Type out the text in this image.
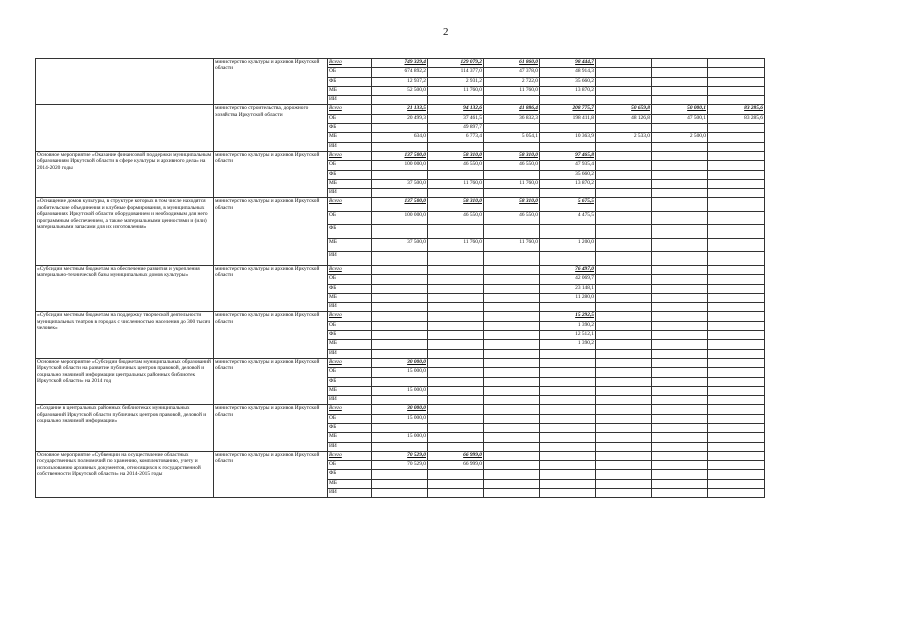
2
	министерство культуры и архивов Иркутской области	Всего	749 329,4	129 079,2	61 860,0	98 444,7			
		ОБ	674 892,2	114 377,0	47 378,0	48 914,3			
		ФБ	12 937,2	2 931,2	2 722,0	35 660,2			
		МБ	52 500,0	11 760,0	11 760,0	13 870,2			
		ИИ							
	министерство строительства, дорожного хозяйства Иркутской области	Всего	21 133,5	94 132,6	41 886,4	208 775,7	50 659,8	50 000,1	83 285,6
		ОБ	20 499,3	37 461,5	36 832,3	198 411,8	48 126,8	47 500,1	83 285,6
		ФБ		49 897,7					
		МБ	634,0	6 773,4	5 054,1	10 363,9	2 533,0	2 500,0	
		ИИ							
Основное мероприятие «Оказание финансовой поддержки муниципальным образованиям Иркутской области в сфере культуры и архивного дела» на 2014-2020 годы	министерство культуры и архивов Иркутской области	Всего	137 500,0	58 310,0	58 310,0	97 465,8			
		ОБ	100 000,0	46 550,0	46 550,0	47 935,4			
		ФБ				35 660,2			
		МБ	37 500,0	11 760,0	11 760,0	13 870,2			
		ИИ							
«Оснащение домов культуры, в структуре которых в том числе находятся любительские объединения и клубные формирования, в муниципальных образованиях Иркутской области оборудованием и необходимым для него программным обеспечением, а также материальными ценностями и (или) материальными запасами для их изготовления»	министерство культуры и архивов Иркутской области	Всего	137 500,0	58 310,0	58 310,0	5 675,5			
		ОБ	100 000,0	46 550,0	46 550,0	4 475,5			
		ФБ							
		МБ	37 500,0	11 760,0	11 760,0	1 200,0			
		ИИ							
«Субсидии местным бюджетам на обеспечение развития и укрепления материально-технической базы муниципальных домов культуры»	министерство культуры и архивов Иркутской области	Всего				76 497,0			
		ОБ				42 069,7			
		ФБ				23 148,1			
		МБ				11 280,0			
		ИИ							
«Субсидии местным бюджетам на поддержку творческой деятельности муниципальных театров в городах с численностью населения до 300 тысяч человек»	министерство культуры и архивов Иркутской области	Всего				15 292,5			
		ОБ				1 390,2			
		ФБ				12 512,1			
		МБ				1 390,2			
		ИИ							
Основное мероприятие «Субсидии бюджетам муниципальных образований Иркутской области на развитие публичных центров правовой, деловой и социально значимой информации центральных районных библиотек Иркутской области» на 2014 год	министерство культуры и архивов Иркутской области	Всего	30 000,0						
		ОБ	15 000,0						
		ФБ							
		МБ	15 000,0						
		ИИ							
«Создание в центральных районных библиотеках муниципальных образований Иркутской области публичных центров правовой, деловой и социально значимой информации»	министерство культуры и архивов Иркутской области	Всего	30 000,0						
		ОБ	15 000,0						
		ФБ							
		МБ	15 000,0						
		ИИ							
Основное мероприятие «Субвенции на осуществление областных государственных полномочий по хранению, комплектованию, учету и использованию архивных документов, относящихся к государственной собственности Иркутской области» на 2014-2015 годы	министерство культуры и архивов Иркутской области	Всего	70 529,0	66 999,0					
		ОБ	70 529,0	66 999,0					
		ФБ							
		МБ							
		ИИ							
